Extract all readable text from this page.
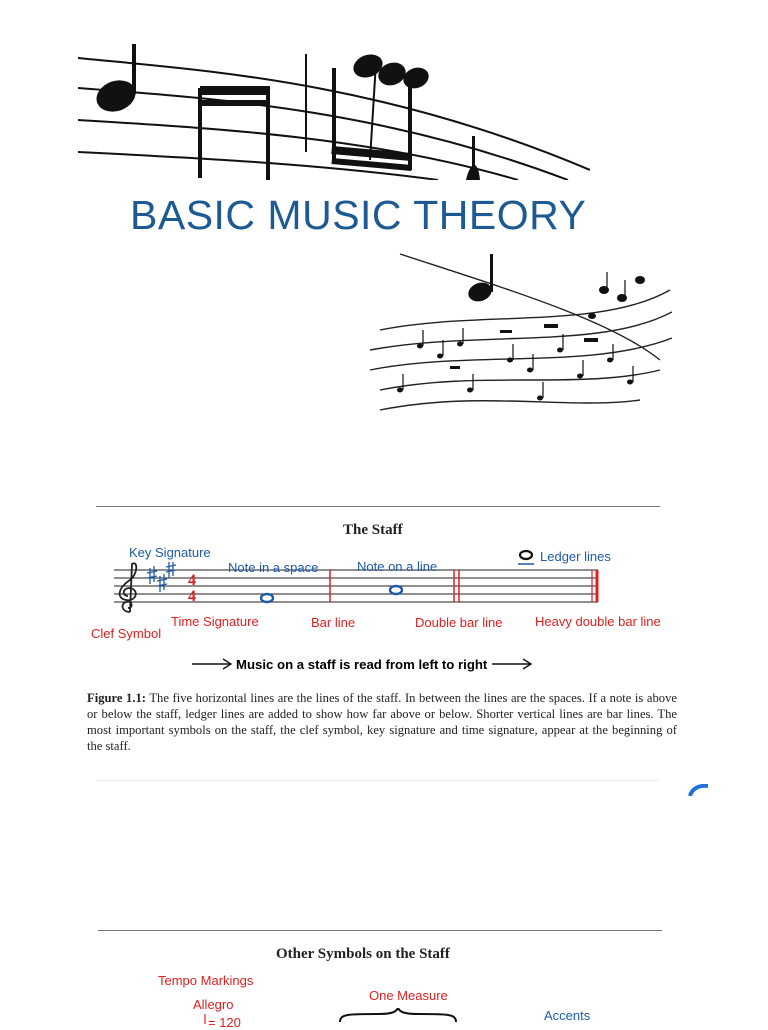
BASIC MUSIC THEORY
The Staff
4
4
Key Signature
Note in a space	Note on a line
Ledger lines
Clef Symbol
Time Signature	Bar line	Double bar line	Heavy double bar line
Music on a staff is read from left to right
Figure 1.1: The five horizontal lines are the lines of the staff. In between the lines are the spaces. If a note is above or below the staff, ledger lines are added to show how far above or below. Shorter vertical lines are bar lines. The most important symbols on the staff, the clef symbol, key signature and time signature, appear at the beginning of the staff.
Other Symbols on the Staff
Tempo Markings
Allegro
= 120
One Measure
Accents
